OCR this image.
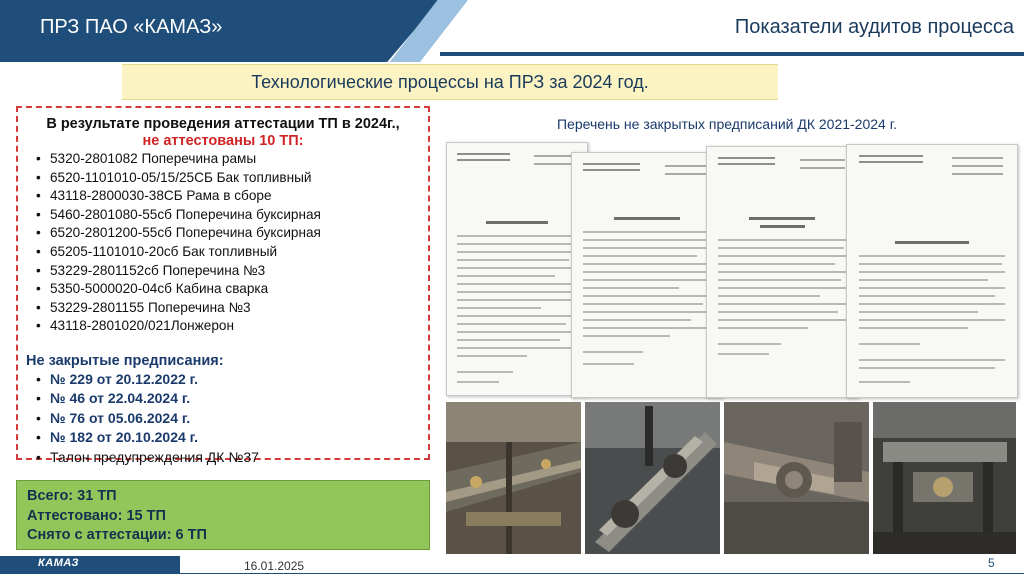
ПРЗ ПАО «КАМАЗ»	Показатели аудитов процесса
Технологические процессы на ПРЗ за 2024 год.
В результате проведения аттестации ТП в 2024г.,
не аттестованы 10 ТП:
• 5320-2801082 Поперечина рамы
• 6520-1101010-05/15/25СБ Бак топливный
• 43118-2800030-38СБ Рама в сборе
• 5460-2801080-55сб Поперечина буксирная
• 6520-2801200-55сб Поперечина буксирная
• 65205-1101010-20сб Бак топливный
• 53229-2801152сб Поперечина №3
• 5350-5000020-04сб Кабина сварка
• 53229-2801155 Поперечина №3
• 43118-2801020/021Лонжерон
Не закрытые предписания:
• № 229 от 20.12.2022 г.
• № 46 от 22.04.2024 г.
• № 76 от 05.06.2024 г.
• № 182 от 20.10.2024 г.
• Талон предупреждения ДК №37
Всего: 31 ТП
Аттестовано: 15 ТП
Снято с аттестации: 6 ТП
Перечень не закрытых предписаний ДК 2021-2024 г.
КАМАЗ	16.01.2025	5
